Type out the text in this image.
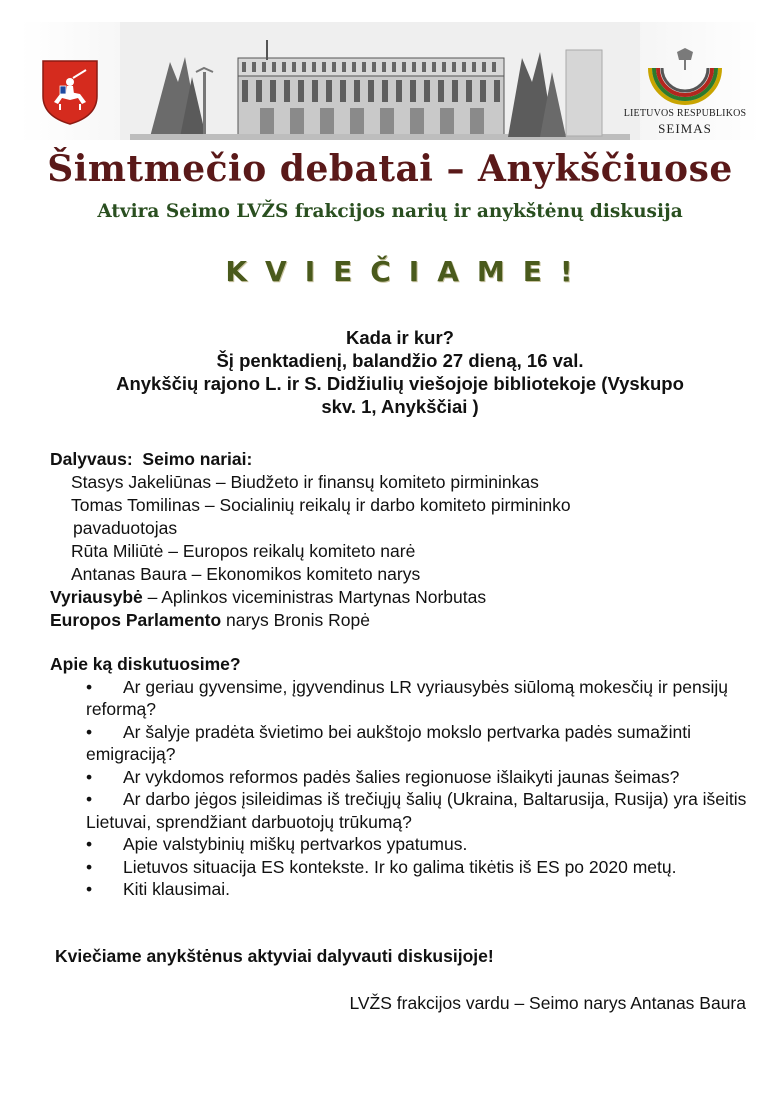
LIETUVOS RESPUBLIKOS
SEIMAS
Šimtmečio debatai – Anykščiuose
Atvira Seimo LVŽS frakcijos narių ir anykštėnų diskusija
KVIEČIAME!
Kada ir kur?
Šį penktadienį, balandžio 27 dieną, 16 val.
Anykščių rajono L. ir S. Didžiulių viešojoje bibliotekoje (Vyskupo
skv. 1, Anykščiai )
Dalyvaus: Seimo nariai:
Stasys Jakeliūnas – Biudžeto ir finansų komiteto pirmininkas
Tomas Tomilinas – Socialinių reikalų ir darbo komiteto pirmininko
pavaduotojas
Rūta Miliūtė – Europos reikalų komiteto narė
Antanas Baura – Ekonomikos komiteto narys
Vyriausybė – Aplinkos viceministras Martynas Norbutas
Europos Parlamento narys Bronis Ropė
Apie ką diskutuosime?
•	Ar geriau gyvensime, įgyvendinus LR vyriausybės siūlomą mokesčių ir pensijų reformą?
•	Ar šalyje pradėta švietimo bei aukštojo mokslo pertvarka padės sumažinti emigraciją?
•	Ar vykdomos reformos padės šalies regionuose išlaikyti jaunas šeimas?
•	Ar darbo jėgos įsileidimas iš trečiųjų šalių (Ukraina, Baltarusija, Rusija) yra išeitis Lietuvai, sprendžiant darbuotojų trūkumą?
•	Apie valstybinių miškų pertvarkos ypatumus.
•	Lietuvos situacija ES kontekste. Ir ko galima tikėtis iš ES po 2020 metų.
•	Kiti klausimai.
Kviečiame anykštėnus aktyviai dalyvauti diskusijoje!
LVŽS frakcijos vardu – Seimo narys Antanas Baura
